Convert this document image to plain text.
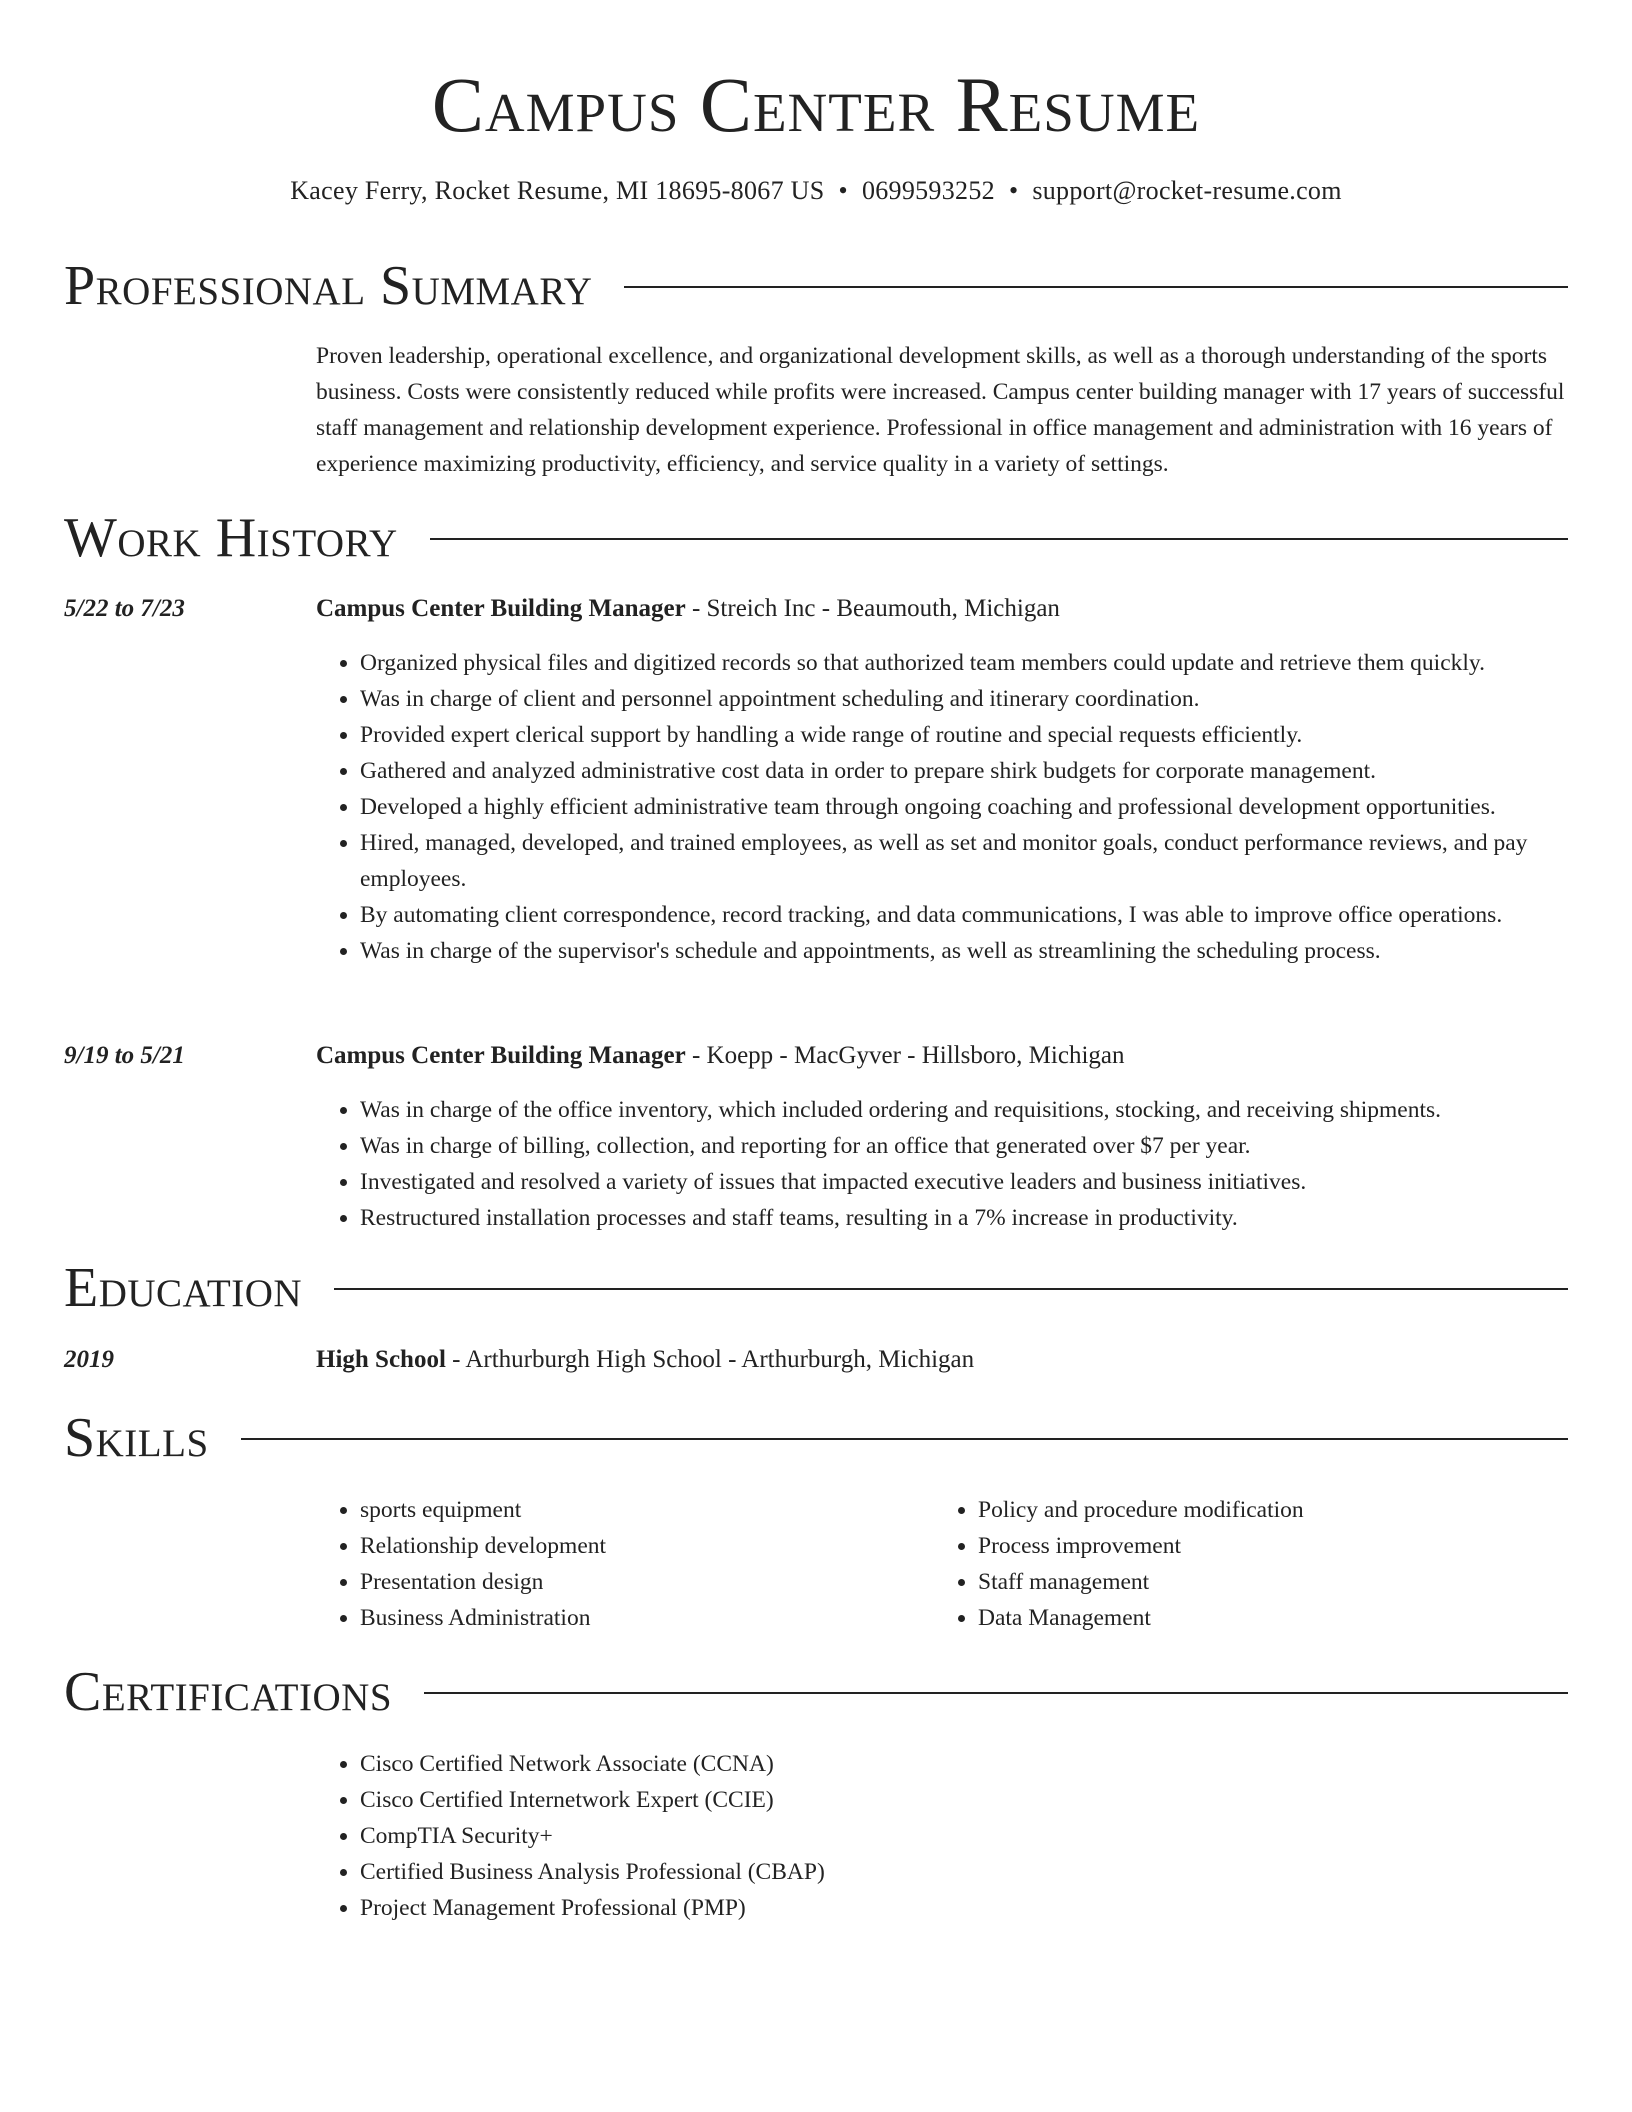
Campus Center Resume
Kacey Ferry, Rocket Resume, MI 18695-8067 US • 0699593252 • support@rocket-resume.com
Professional Summary

Proven leadership, operational excellence, and organizational development skills, as well as a thorough understanding of the sports business. Costs were consistently reduced while profits were increased. Campus center building manager with 17 years of successful staff management and relationship development experience. Professional in office management and administration with 16 years of experience maximizing productivity, efficiency, and service quality in a variety of settings.

Work History
5/22 to 7/23	Campus Center Building Manager - Streich Inc - Beaumouth, Michigan
• Organized physical files and digitized records so that authorized team members could update and retrieve them quickly.
• Was in charge of client and personnel appointment scheduling and itinerary coordination.
• Provided expert clerical support by handling a wide range of routine and special requests efficiently.
• Gathered and analyzed administrative cost data in order to prepare shirk budgets for corporate management.
• Developed a highly efficient administrative team through ongoing coaching and professional development opportunities.
• Hired, managed, developed, and trained employees, as well as set and monitor goals, conduct performance reviews, and pay employees.
• By automating client correspondence, record tracking, and data communications, I was able to improve office operations.
• Was in charge of the supervisor's schedule and appointments, as well as streamlining the scheduling process.
9/19 to 5/21	Campus Center Building Manager - Koepp - MacGyver - Hillsboro, Michigan
• Was in charge of the office inventory, which included ordering and requisitions, stocking, and receiving shipments.
• Was in charge of billing, collection, and reporting for an office that generated over $7 per year.
• Investigated and resolved a variety of issues that impacted executive leaders and business initiatives.
• Restructured installation processes and staff teams, resulting in a 7% increase in productivity.
Education
2019	High School - Arthurburgh High School - Arthurburgh, Michigan
Skills
• sports equipment
• Relationship development
• Presentation design
• Business Administration
• Policy and procedure modification
• Process improvement
• Staff management
• Data Management
Certifications
• Cisco Certified Network Associate (CCNA)
• Cisco Certified Internetwork Expert (CCIE)
• CompTIA Security+
• Certified Business Analysis Professional (CBAP)
• Project Management Professional (PMP)
